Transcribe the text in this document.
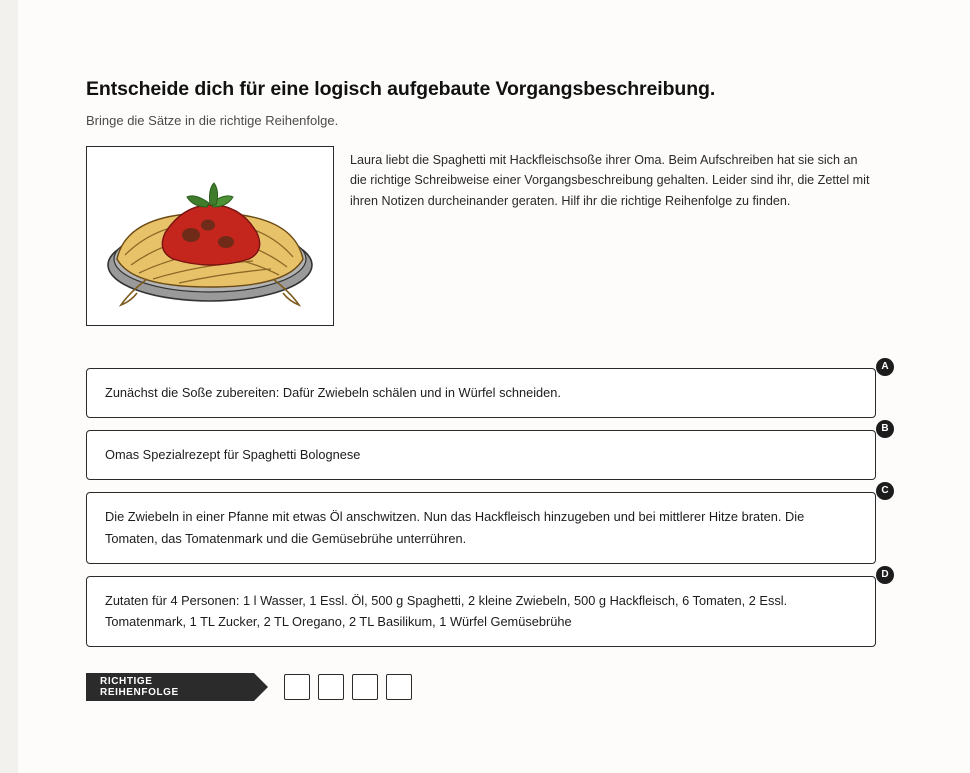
Entscheide dich für eine logisch aufgebaute Vorgangsbeschreibung.

Bringe die Sätze in die richtige Reihenfolge.

Laura liebt die Spaghetti mit Hackfleischsoße ihrer Oma. Beim Aufschreiben hat sie sich an die richtige Schreibweise einer Vorgangsbeschreibung gehalten. Leider sind ihr, die Zettel mit ihren Notizen durcheinander geraten. Hilf ihr die richtige Reihenfolge zu finden.
Zunächst die Soße zubereiten: Dafür Zwiebeln schälen und in Würfel schneiden.
A
Omas Spezialrezept für Spaghetti Bolognese
B
Die Zwiebeln in einer Pfanne mit etwas Öl anschwitzen. Nun das Hackfleisch hinzugeben und bei mittlerer Hitze braten. Die Tomaten, das Tomatenmark und die Gemüsebrühe unterrühren.
C
Zutaten für 4 Personen: 1 l Wasser, 1 Essl. Öl, 500 g Spaghetti, 2 kleine Zwiebeln, 500 g Hackfleisch, 6 Tomaten, 2 Essl. Tomatenmark, 1 TL Zucker, 2 TL Oregano, 2 TL Basilikum, 1 Würfel Gemüsebrühe
D
RICHTIGE REIHENFOLGE
